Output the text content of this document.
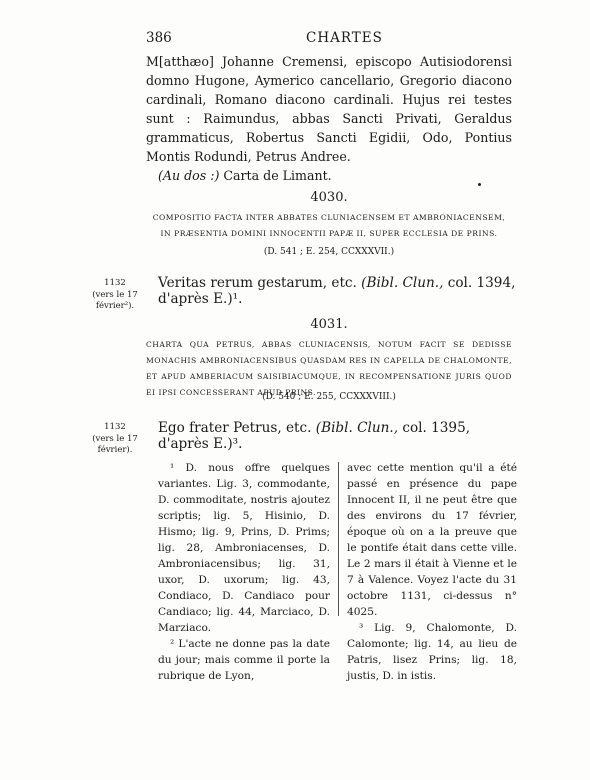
386	CHARTES

M[atthæo] Johanne Cremensi, episcopo Autisiodorensi domno Hugone, Aymerico cancellario, Gregorio diacono cardinali, Romano diacono cardinali. Hujus rei testes sunt : Raimundus, abbas Sancti Privati, Geraldus grammaticus, Robertus Sancti Egidii, Odo, Pontius Montis Rodundi, Petrus Andree.

(Au dos :) Carta de Limant.

4030.
COMPOSITIO FACTA INTER ABBATES CLUNIACENSEM ET AMBRONIACENSEM, IN PRÆSENTIA DOMINI INNOCENTII PAPÆ II, SUPER ECCLESIA DE PRINS.
(D. 541 ; E. 254, CCXXXVII.)
1132
(vers le 17 février²).
Veritas rerum gestarum, etc. (Bibl. Clun., col. 1394, d'après E.)¹.
4031.
CHARTA QUA PETRUS, ABBAS CLUNIACENSIS, NOTUM FACIT SE DEDISSE MONACHIS AMBRONIACENSIBUS QUASDAM RES IN CAPELLA DE CHALOMONTE, ET APUD AMBERIACUM SAISIBIACUMQUE, IN RECOMPENSATIONE JURIS QUOD EI IPSI CONCESSERANT APUD PRINS.
(D. 540 ; E. 255, CCXXXVIII.)
1132
(vers le 17 février).
Ego frater Petrus, etc. (Bibl. Clun., col. 1395, d'après E.)³.

¹ D. nous offre quelques variantes. Lig. 3, commodante, D. commoditate, nostris ajoutez scriptis; lig. 5, Hisinio, D. Hismo; lig. 9, Prins, D. Prims; lig. 28, Ambroniacenses, D. Ambroniacensibus; lig. 31, uxor, D. uxorum; lig. 43, Condiaco, D. Candiaco pour Candiaco; lig. 44, Marciaco, D. Marziaco.

² L'acte ne donne pas la date du jour; mais comme il porte la rubrique de Lyon,

avec cette mention qu'il a été passé en présence du pape Innocent II, il ne peut être que des environs du 17 février, époque où on a la preuve que le pontife était dans cette ville. Le 2 mars il était à Vienne et le 7 à Valence. Voyez l'acte du 31 octobre 1131, ci-dessus n° 4025.

³ Lig. 9, Chalomonte, D. Calomonte; lig. 14, au lieu de Patris, lisez Prins; lig. 18, justis, D. in istis.
